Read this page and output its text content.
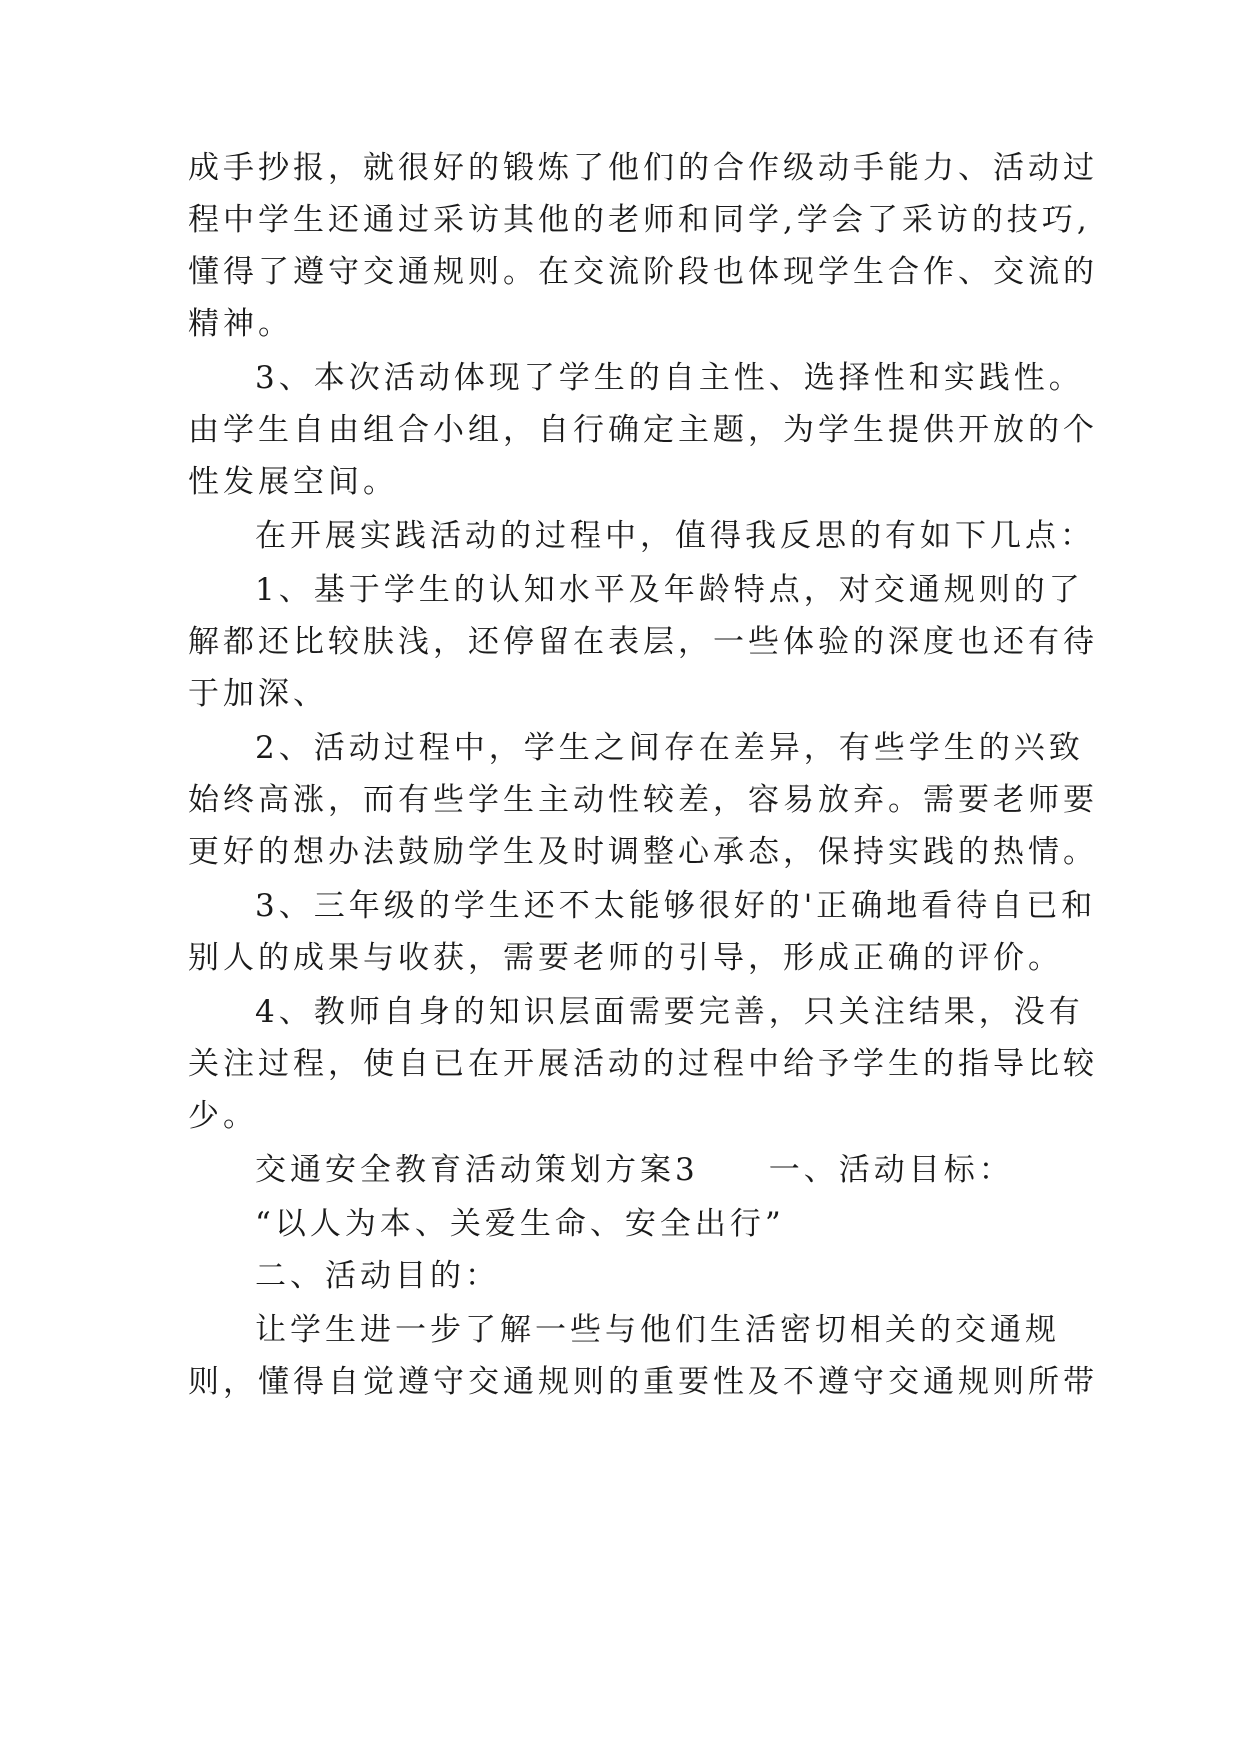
成手抄报，就很好的锻炼了他们的合作级动手能力、活动过
程中学生还通过采访其他的老师和同学,学会了采访的技巧,
懂得了遵守交通规则。在交流阶段也体现学生合作、交流的
精神。
3、本次活动体现了学生的自主性、选择性和实践性。
由学生自由组合小组，自行确定主题，为学生提供开放的个
性发展空间。
在开展实践活动的过程中，值得我反思的有如下几点：
1、基于学生的认知水平及年龄特点，对交通规则的了
解都还比较肤浅，还停留在表层，一些体验的深度也还有待
于加深、
2、活动过程中，学生之间存在差异，有些学生的兴致
始终高涨，而有些学生主动性较差，容易放弃。需要老师要
更好的想办法鼓励学生及时调整心承态，保持实践的热情。
3、三年级的学生还不太能够很好的'正确地看待自已和
别人的成果与收获，需要老师的引导，形成正确的评价。
4、教师自身的知识层面需要完善，只关注结果，没有
关注过程，使自已在开展活动的过程中给予学生的指导比较
少。
交通安全教育活动策划方案3　　一、活动目标：
“以人为本、关爱生命、安全出行”
二、活动目的：
让学生进一步了解一些与他们生活密切相关的交通规
则，懂得自觉遵守交通规则的重要性及不遵守交通规则所带
